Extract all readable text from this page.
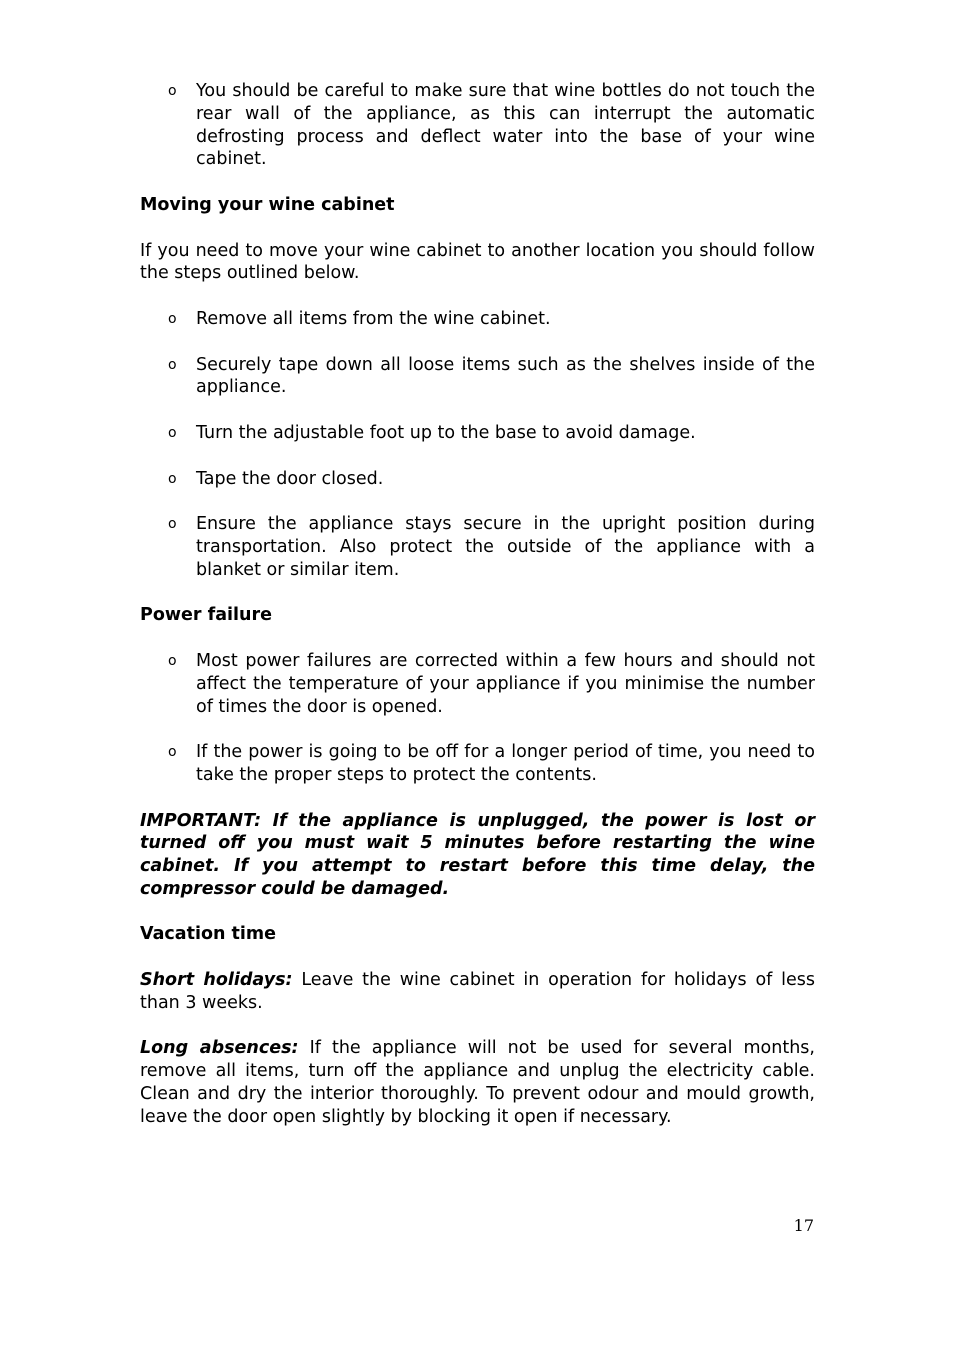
o You should be careful to make sure that wine bottles do not touch the rear wall of the appliance, as this can interrupt the automatic defrosting process and deflect water into the base of your wine cabinet.
Moving your wine cabinet
If you need to move your wine cabinet to another location you should follow the steps outlined below.
o Remove all items from the wine cabinet.
o Securely tape down all loose items such as the shelves inside of the appliance.
o Turn the adjustable foot up to the base to avoid damage.
o Tape the door closed.
o Ensure the appliance stays secure in the upright position during transportation. Also protect the outside of the appliance with a blanket or similar item.
Power failure
o Most power failures are corrected within a few hours and should not affect the temperature of your appliance if you minimise the number of times the door is opened.
o If the power is going to be off for a longer period of time, you need to take the proper steps to protect the contents.
IMPORTANT: If the appliance is unplugged, the power is lost or turned off you must wait 5 minutes before restarting the wine cabinet. If you attempt to restart before this time delay, the compressor could be damaged.
Vacation time
Short holidays: Leave the wine cabinet in operation for holidays of less than 3 weeks.
Long absences: If the appliance will not be used for several months, remove all items, turn off the appliance and unplug the electricity cable. Clean and dry the interior thoroughly. To prevent odour and mould growth, leave the door open slightly by blocking it open if necessary.
17
